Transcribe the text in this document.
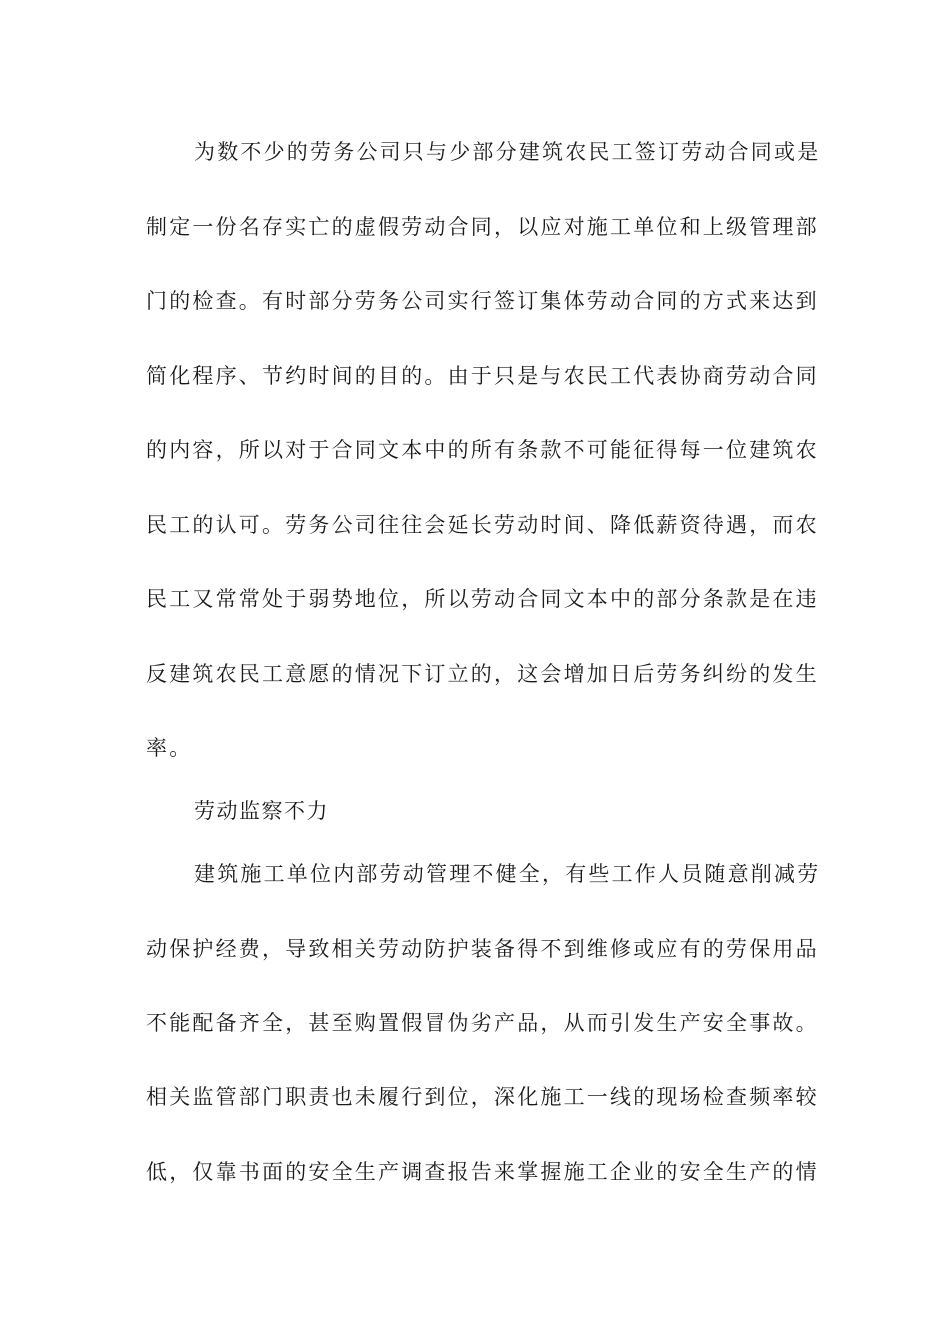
为数不少的劳务公司只与少部分建筑农民工签订劳动合同或是
制定一份名存实亡的虚假劳动合同，以应对施工单位和上级管理部
门的检查。有时部分劳务公司实行签订集体劳动合同的方式来达到
简化程序、节约时间的目的。由于只是与农民工代表协商劳动合同
的内容，所以对于合同文本中的所有条款不可能征得每一位建筑农
民工的认可。劳务公司往往会延长劳动时间、降低薪资待遇，而农
民工又常常处于弱势地位，所以劳动合同文本中的部分条款是在违
反建筑农民工意愿的情况下订立的，这会增加日后劳务纠纷的发生
率。
劳动监察不力
建筑施工单位内部劳动管理不健全，有些工作人员随意削减劳
动保护经费，导致相关劳动防护装备得不到维修或应有的劳保用品
不能配备齐全，甚至购置假冒伪劣产品，从而引发生产安全事故。
相关监管部门职责也未履行到位，深化施工一线的现场检查频率较
低，仅靠书面的安全生产调查报告来掌握施工企业的安全生产的情
